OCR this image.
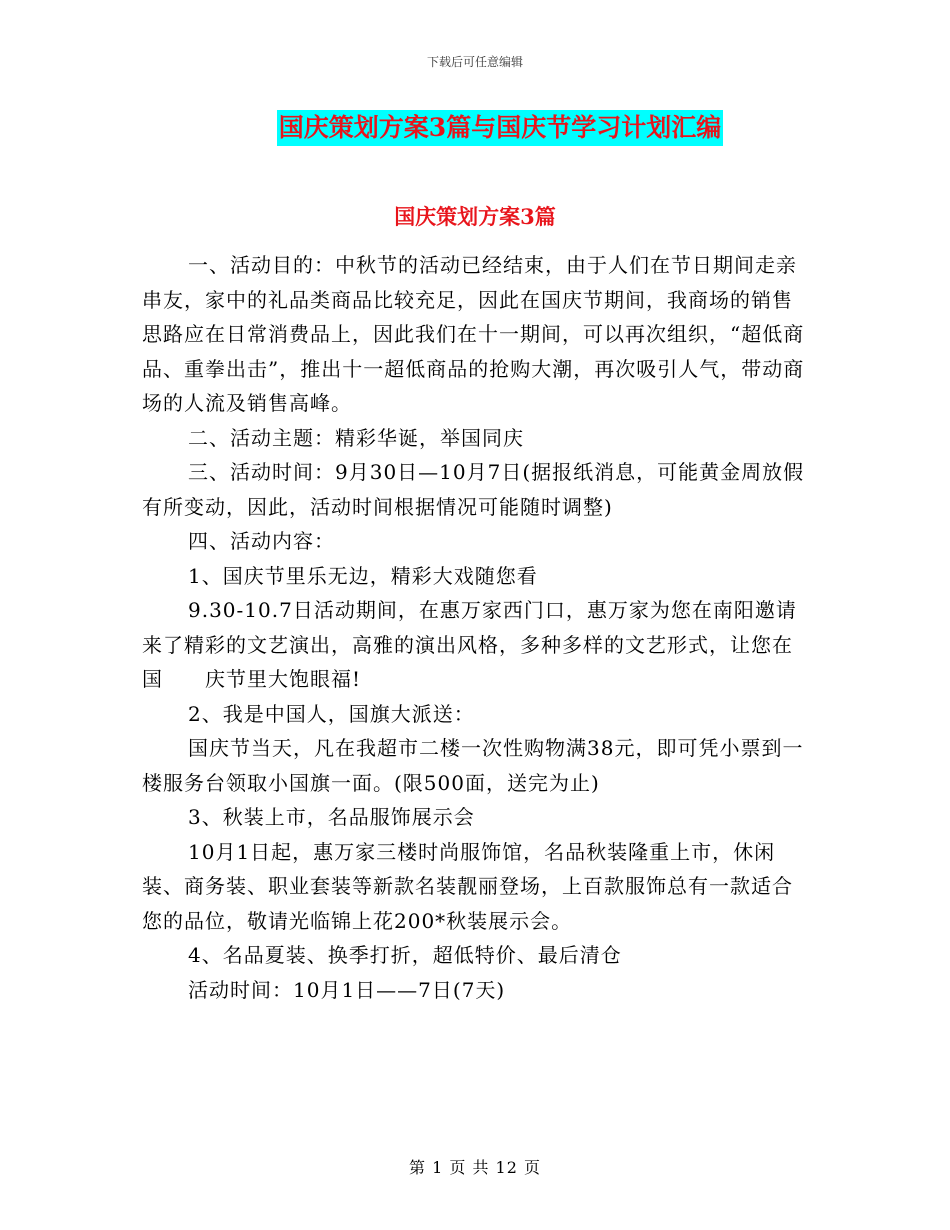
下载后可任意编辑
国庆策划方案3篇与国庆节学习计划汇编
国庆策划方案3篇

一、活动目的：中秋节的活动已经结束，由于人们在节日期间走亲串友，家中的礼品类商品比较充足，因此在国庆节期间，我商场的销售思路应在日常消费品上，因此我们在十一期间，可以再次组织，“超低商品、重拳出击”，推出十一超低商品的抢购大潮，再次吸引人气，带动商场的人流及销售高峰。

二、活动主题：精彩华诞，举国同庆

三、活动时间：9月30日—10月7日(据报纸消息，可能黄金周放假有所变动，因此，活动时间根据情况可能随时调整)

四、活动内容：

1、国庆节里乐无边，精彩大戏随您看

9.30-10.7日活动期间，在惠万家西门口，惠万家为您在南阳邀请来了精彩的文艺演出，高雅的演出风格，多种多样的文艺形式，让您在国　　庆节里大饱眼福!

2、我是中国人，国旗大派送：

国庆节当天，凡在我超市二楼一次性购物满38元，即可凭小票到一楼服务台领取小国旗一面。(限500面，送完为止)

3、秋装上市，名品服饰展示会

10月1日起，惠万家三楼时尚服饰馆，名品秋装隆重上市，休闲装、商务装、职业套装等新款名装靓丽登场，上百款服饰总有一款适合您的品位，敬请光临锦上花200*秋装展示会。

4、名品夏装、换季打折，超低特价、最后清仓

活动时间：10月1日——7日(7天)

第 1 页 共 12 页
